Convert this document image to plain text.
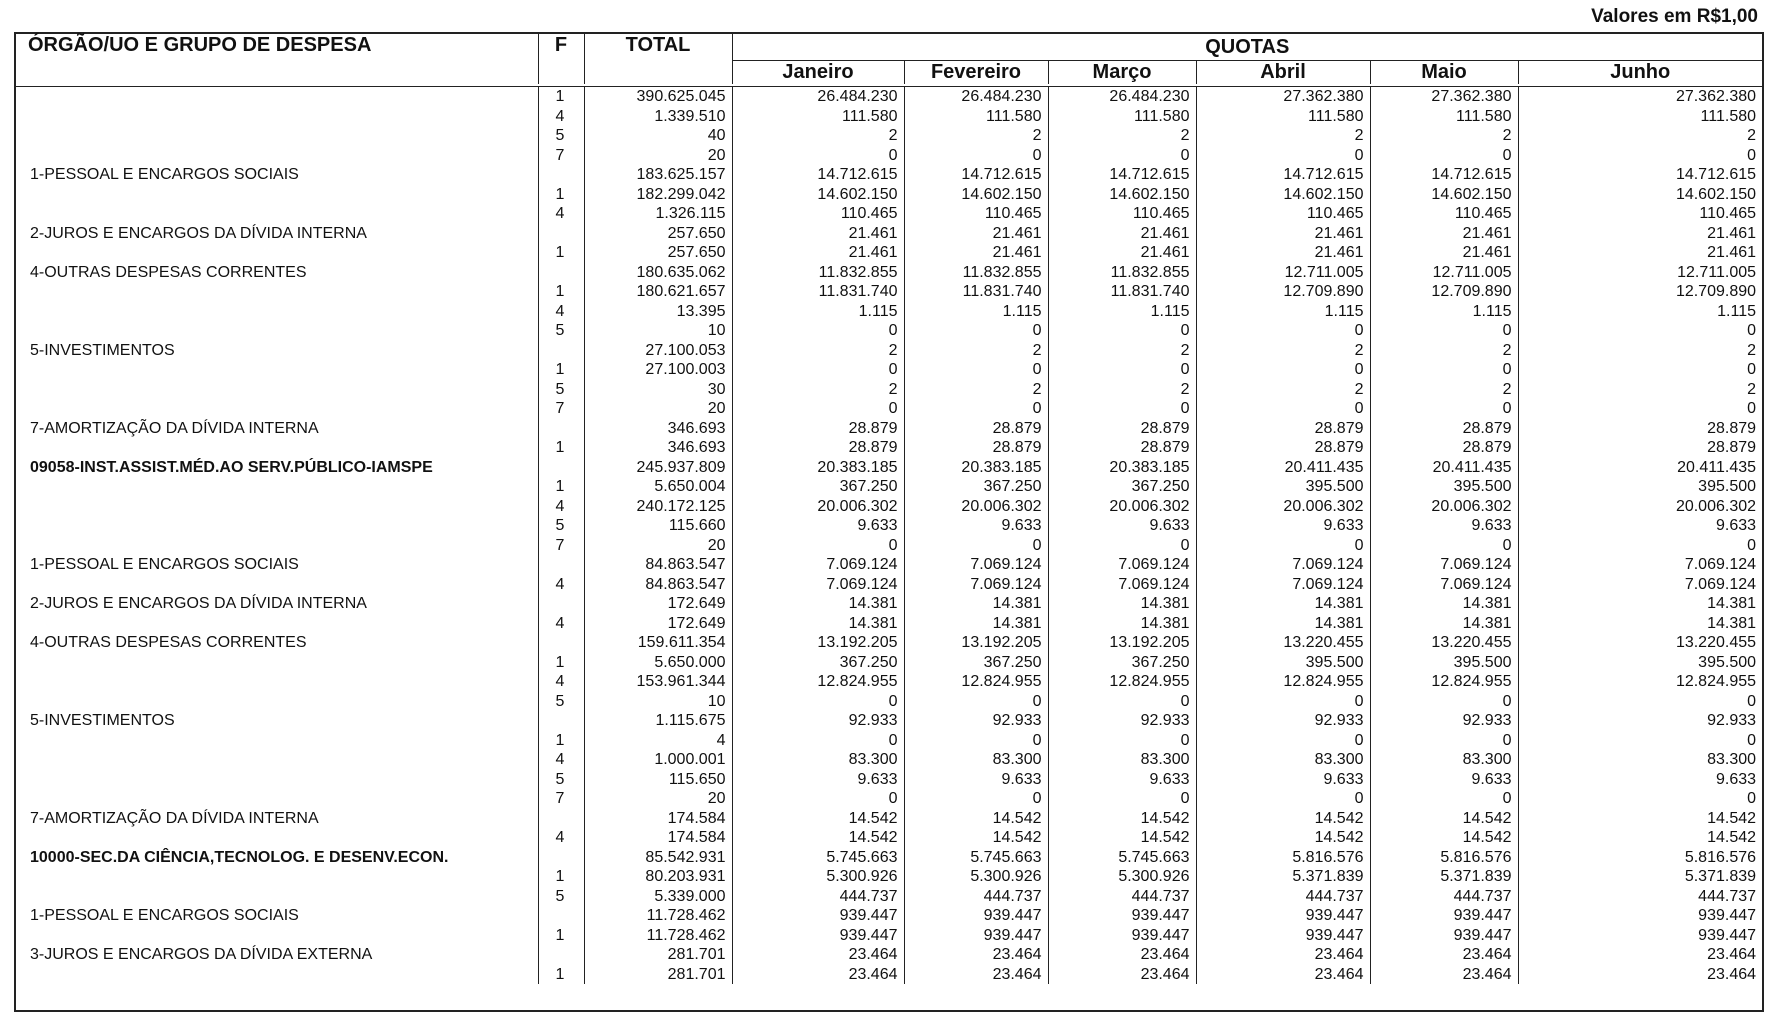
Valores em R$1,00
ÓRGÃO/UO E GRUPO DE DESPESA	F	TOTAL	QUOTAS					
			Janeiro	Fevereiro	Março	Abril	Maio	Junho

	1	390.625.045	26.484.230	26.484.230	26.484.230	27.362.380	27.362.380	27.362.380
	4	1.339.510	111.580	111.580	111.580	111.580	111.580	111.580
	5	40	2	2	2	2	2	2
	7	20	0	0	0	0	0	0
1-PESSOAL E ENCARGOS SOCIAIS		183.625.157	14.712.615	14.712.615	14.712.615	14.712.615	14.712.615	14.712.615
	1	182.299.042	14.602.150	14.602.150	14.602.150	14.602.150	14.602.150	14.602.150
	4	1.326.115	110.465	110.465	110.465	110.465	110.465	110.465
2-JUROS E ENCARGOS DA DÍVIDA INTERNA		257.650	21.461	21.461	21.461	21.461	21.461	21.461
	1	257.650	21.461	21.461	21.461	21.461	21.461	21.461
4-OUTRAS DESPESAS CORRENTES		180.635.062	11.832.855	11.832.855	11.832.855	12.711.005	12.711.005	12.711.005
	1	180.621.657	11.831.740	11.831.740	11.831.740	12.709.890	12.709.890	12.709.890
	4	13.395	1.115	1.115	1.115	1.115	1.115	1.115
	5	10	0	0	0	0	0	0
5-INVESTIMENTOS		27.100.053	2	2	2	2	2	2
	1	27.100.003	0	0	0	0	0	0
	5	30	2	2	2	2	2	2
	7	20	0	0	0	0	0	0
7-AMORTIZAÇÃO DA DÍVIDA INTERNA		346.693	28.879	28.879	28.879	28.879	28.879	28.879
	1	346.693	28.879	28.879	28.879	28.879	28.879	28.879
09058-INST.ASSIST.MÉD.AO SERV.PÚBLICO-IAMSPE		245.937.809	20.383.185	20.383.185	20.383.185	20.411.435	20.411.435	20.411.435
	1	5.650.004	367.250	367.250	367.250	395.500	395.500	395.500
	4	240.172.125	20.006.302	20.006.302	20.006.302	20.006.302	20.006.302	20.006.302
	5	115.660	9.633	9.633	9.633	9.633	9.633	9.633
	7	20	0	0	0	0	0	0
1-PESSOAL E ENCARGOS SOCIAIS		84.863.547	7.069.124	7.069.124	7.069.124	7.069.124	7.069.124	7.069.124
	4	84.863.547	7.069.124	7.069.124	7.069.124	7.069.124	7.069.124	7.069.124
2-JUROS E ENCARGOS DA DÍVIDA INTERNA		172.649	14.381	14.381	14.381	14.381	14.381	14.381
	4	172.649	14.381	14.381	14.381	14.381	14.381	14.381
4-OUTRAS DESPESAS CORRENTES		159.611.354	13.192.205	13.192.205	13.192.205	13.220.455	13.220.455	13.220.455
	1	5.650.000	367.250	367.250	367.250	395.500	395.500	395.500
	4	153.961.344	12.824.955	12.824.955	12.824.955	12.824.955	12.824.955	12.824.955
	5	10	0	0	0	0	0	0
5-INVESTIMENTOS		1.115.675	92.933	92.933	92.933	92.933	92.933	92.933
	1	4	0	0	0	0	0	0
	4	1.000.001	83.300	83.300	83.300	83.300	83.300	83.300
	5	115.650	9.633	9.633	9.633	9.633	9.633	9.633
	7	20	0	0	0	0	0	0
7-AMORTIZAÇÃO DA DÍVIDA INTERNA		174.584	14.542	14.542	14.542	14.542	14.542	14.542
	4	174.584	14.542	14.542	14.542	14.542	14.542	14.542
10000-SEC.DA CIÊNCIA,TECNOLOG. E DESENV.ECON.		85.542.931	5.745.663	5.745.663	5.745.663	5.816.576	5.816.576	5.816.576
	1	80.203.931	5.300.926	5.300.926	5.300.926	5.371.839	5.371.839	5.371.839
	5	5.339.000	444.737	444.737	444.737	444.737	444.737	444.737
1-PESSOAL E ENCARGOS SOCIAIS		11.728.462	939.447	939.447	939.447	939.447	939.447	939.447
	1	11.728.462	939.447	939.447	939.447	939.447	939.447	939.447
3-JUROS E ENCARGOS DA DÍVIDA EXTERNA		281.701	23.464	23.464	23.464	23.464	23.464	23.464
	1	281.701	23.464	23.464	23.464	23.464	23.464	23.464
